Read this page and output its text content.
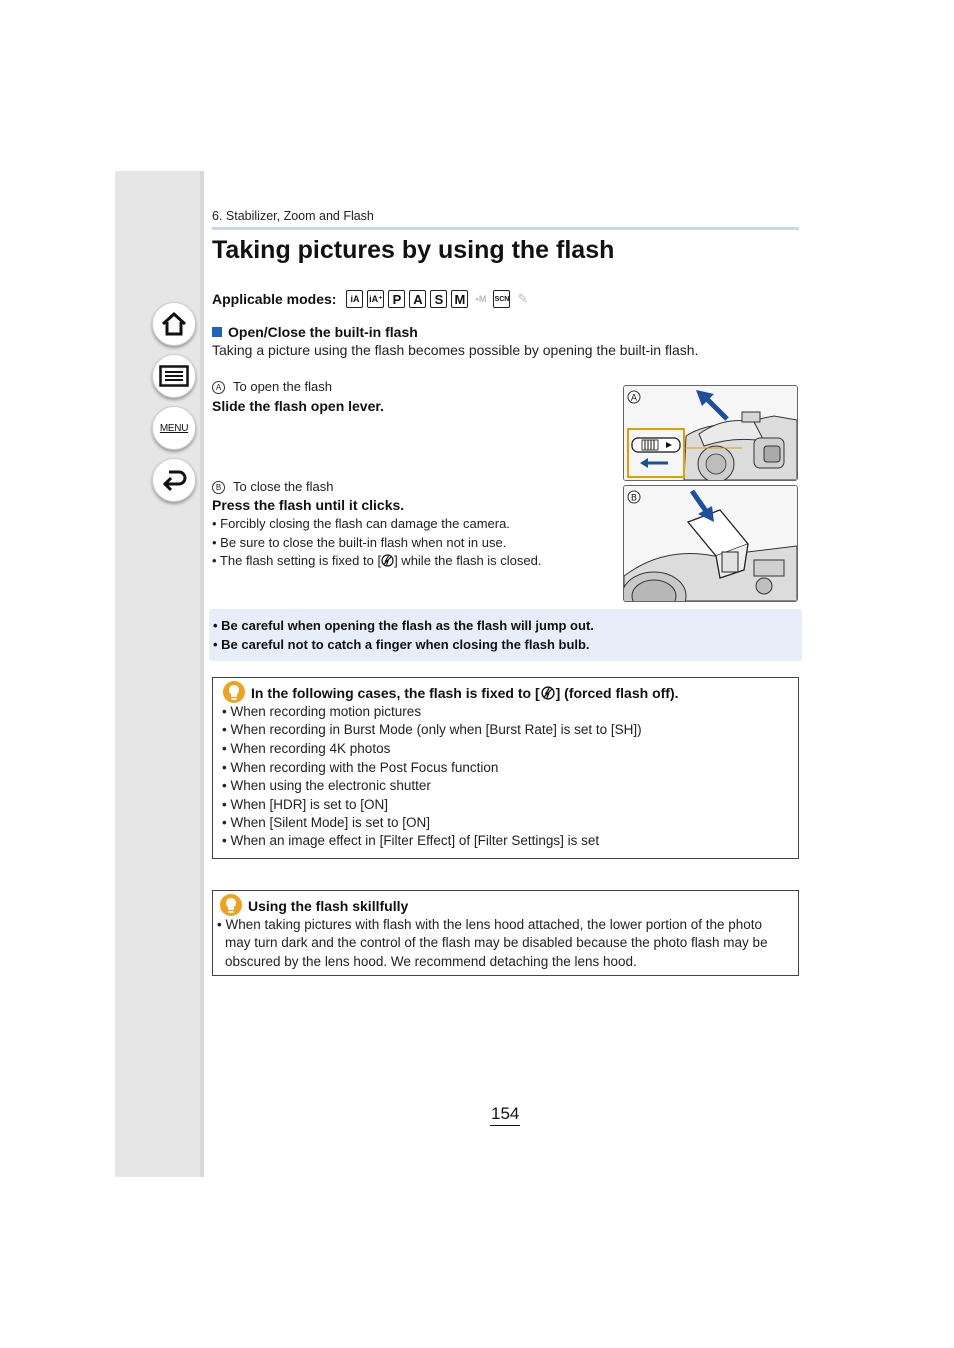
MENU
6. Stabilizer, Zoom and Flash
Taking pictures by using the flash
Applicable modes:	iA	iA⁺ P A S M	▪M	SCN ✎
Open/Close the built-in flash
Taking a picture using the flash becomes possible by opening the built-in flash.
A To open the flash
Slide the flash open lever.
B To close the flash
Press the flash until it clicks.
• Forcibly closing the flash can damage the camera.
• Be sure to close the built-in flash when not in use.
• The flash setting is fixed to [ ] while the flash is closed.
A
B
• Be careful when opening the flash as the flash will jump out.
• Be careful not to catch a finger when closing the flash bulb.
In the following cases, the flash is fixed to [ ] (forced flash off).
• When recording motion pictures
• When recording in Burst Mode (only when [Burst Rate] is set to [SH])
• When recording 4K photos
• When recording with the Post Focus function
• When using the electronic shutter
• When [HDR] is set to [ON]
• When [Silent Mode] is set to [ON]
• When an image effect in [Filter Effect] of [Filter Settings] is set
Using the flash skillfully
• When taking pictures with flash with the lens hood attached, the lower portion of the photo
may turn dark and the control of the flash may be disabled because the photo flash may be
obscured by the lens hood. We recommend detaching the lens hood.
154
